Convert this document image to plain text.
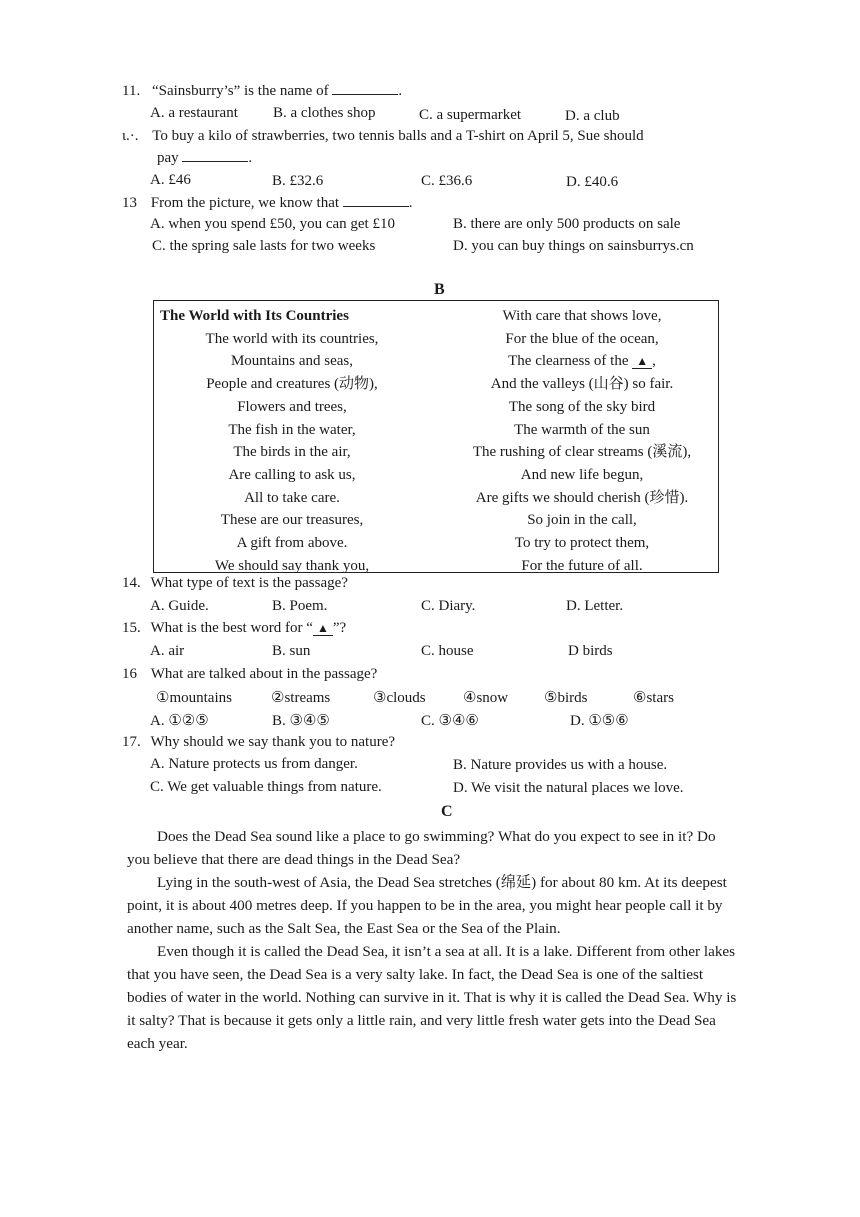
11. “Sainsburry’s” is the name of	.
A. a restaurant B. a clothes shop	C. a supermarket	D. a club
ι.·. To buy a kilo of strawberries, two tennis balls and a T-shirt on April 5, Sue should
pay	.
A. £46	B. £32.6	C. £36.6	D. £40.6
13 From the picture, we know that	.
A. when you spend £50, you can get £10	B. there are only 500 products on sale
C. the spring sale lasts for two weeks	D. you can buy things on sainsburrys.cn
B
The World with Its Countries
The world with its countries,
Mountains and seas,
People and creatures (动物),
Flowers and trees,
The fish in the water,
The birds in the air,
Are calling to ask us,
All to take care.
These are our treasures,
A gift from above.
We should say thank you,
With care that shows love,
For the blue of the ocean,
The clearness of the ▲ ,
And the valleys (山谷) so fair.
The song of the sky bird
The warmth of the sun
The rushing of clear streams (溪流),
And new life begun,
Are gifts we should cherish (珍惜).
So join in the call,
To try to protect them,
For the future of all.
14. What type of text is the passage?
A. Guide.	B. Poem.	C. Diary.	D. Letter.
15. What is the best word for “ ▲ ”?
A. air	B. sun	C. house	D birds
16 What are talked about in the passage?
①mountains	②streams	③clouds ④snow ⑤birds	⑥stars
A. ①②⑤	B. ③④⑤	C. ③④⑥	D. ①⑤⑥
17. Why should we say thank you to nature?
A. Nature protects us from danger.	B. Nature provides us with a house.
C. We get valuable things from nature.	D. We visit the natural places we love.
C

Does the Dead Sea sound like a place to go swimming? What do you expect to see in it? Do you believe that there are dead things in the Dead Sea?

Lying in the south-west of Asia, the Dead Sea stretches (绵延) for about 80 km. At its deepest point, it is about 400 metres deep. If you happen to be in the area, you might hear people call it by another name, such as the Salt Sea, the East Sea or the Sea of the Plain.

Even though it is called the Dead Sea, it isn’t a sea at all. It is a lake. Different from other lakes that you have seen, the Dead Sea is a very salty lake. In fact, the Dead Sea is one of the saltiest bodies of water in the world. Nothing can survive in it. That is why it is called the Dead Sea. Why is it salty? That is because it gets only a little rain, and very little fresh water gets into the Dead Sea each year.
